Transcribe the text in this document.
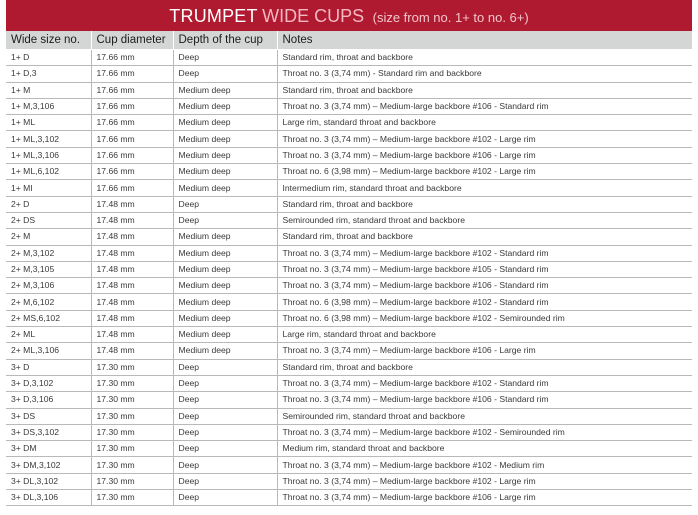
TRUMPET WIDE CUPS (size from no. 1+ to no. 6+)
Wide size no.	Cup diameter	Depth of the cup	Notes
1+ D	17.66 mm	Deep	Standard rim, throat and backbore
1+ D,3	17.66 mm	Deep	Throat no. 3 (3,74 mm) - Standard rim and backbore
1+ M	17.66 mm	Medium deep	Standard rim, throat and backbore
1+ M,3,106	17.66 mm	Medium deep	Throat no. 3 (3,74 mm) – Medium-large backbore #106 - Standard rim
1+ ML	17.66 mm	Medium deep	Large rim, standard throat and backbore
1+ ML,3,102	17.66 mm	Medium deep	Throat no. 3 (3,74 mm) – Medium-large backbore #102 - Large rim
1+ ML,3,106	17.66 mm	Medium deep	Throat no. 3 (3,74 mm) – Medium-large backbore #106 - Large rim
1+ ML,6,102	17.66 mm	Medium deep	Throat no. 6 (3,98 mm) – Medium-large backbore #102 - Large rim
1+ MI	17.66 mm	Medium deep	Intermedium rim, standard throat and backbore
2+ D	17.48 mm	Deep	Standard rim, throat and backbore
2+ DS	17.48 mm	Deep	Semirounded rim, standard throat and backbore
2+ M	17.48 mm	Medium deep	Standard rim, throat and backbore
2+ M,3,102	17.48 mm	Medium deep	Throat no. 3 (3,74 mm) – Medium-large backbore #102 - Standard rim
2+ M,3,105	17.48 mm	Medium deep	Throat no. 3 (3,74 mm) – Medium-large backbore #105 - Standard rim
2+ M,3,106	17.48 mm	Medium deep	Throat no. 3 (3,74 mm) – Medium-large backbore #106 - Standard rim
2+ M,6,102	17.48 mm	Medium deep	Throat no. 6 (3,98 mm) – Medium-large backbore #102 - Standard rim
2+ MS,6,102	17.48 mm	Medium deep	Throat no. 6 (3,98 mm) – Medium-large backbore #102 - Semirounded rim
2+ ML	17.48 mm	Medium deep	Large rim, standard throat and backbore
2+ ML,3,106	17.48 mm	Medium deep	Throat no. 3 (3,74 mm) – Medium-large backbore #106 - Large rim
3+ D	17.30 mm	Deep	Standard rim, throat and backbore
3+ D,3,102	17.30 mm	Deep	Throat no. 3 (3,74 mm) – Medium-large backbore #102 - Standard rim
3+ D,3,106	17.30 mm	Deep	Throat no. 3 (3,74 mm) – Medium-large backbore #106 - Standard rim
3+ DS	17.30 mm	Deep	Semirounded rim, standard throat and backbore
3+ DS,3,102	17.30 mm	Deep	Throat no. 3 (3,74 mm) – Medium-large backbore #102 - Semirounded rim
3+ DM	17.30 mm	Deep	Medium rim, standard throat and backbore
3+ DM,3,102	17.30 mm	Deep	Throat no. 3 (3,74 mm) – Medium-large backbore #102 - Medium rim
3+ DL,3,102	17.30 mm	Deep	Throat no. 3 (3,74 mm) – Medium-large backbore #102 - Large rim
3+ DL,3,106	17.30 mm	Deep	Throat no. 3 (3,74 mm) – Medium-large backbore #106 - Large rim
